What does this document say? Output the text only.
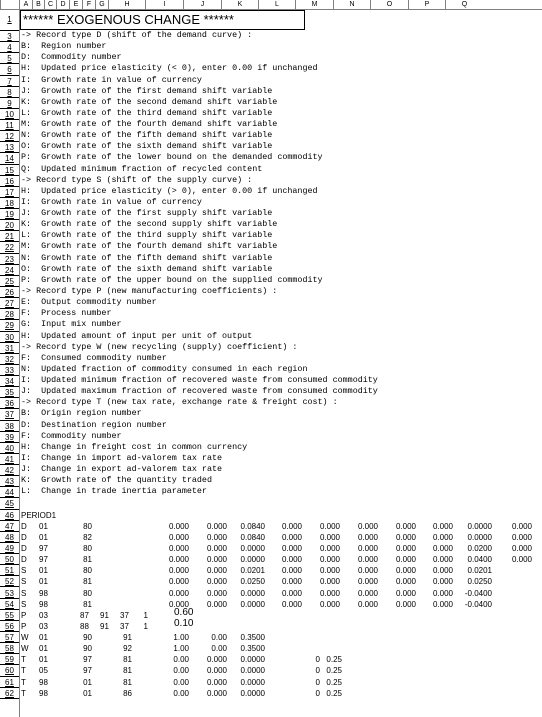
A	B	C	D	E	F	G	H	I	J	K	L	M	N	O	P	Q
1 ****** EXOGENOUS CHANGE ******
3	-> Record type D (shift of the demand curve) :
4	B:  Region number
5	D:  Commodity number
6	H:  Updated price elasticity (< 0), enter 0.00 if unchanged
7	I:  Growth rate in value of currency
8	J:  Growth rate of the first demand shift variable
9	K:  Growth rate of the second demand shift variable
10 L:  Growth rate of the third demand shift variable
11 M:  Growth rate of the fourth demand shift variable
12 N:  Growth rate of the fifth demand shift variable
13 O:  Growth rate of the sixth demand shift variable
14 P:  Growth rate of the lower bound on the demanded commodity
15 Q:  Updated minimum fraction of recycled content
16 -> Record type S (shift of the supply curve) :
17 H:  Updated price elasticity (> 0), enter 0.00 if unchanged
18 I:  Growth rate in value of currency
19 J:  Growth rate of the first supply shift variable
20 K:  Growth rate of the second supply shift variable
21 L:  Growth rate of the third supply shift variable
22 M:  Growth rate of the fourth demand shift variable
23 N:  Growth rate of the fifth demand shift variable
24 O:  Growth rate of the sixth demand shift variable
25 P:  Growth rate of the upper bound on the supplied commodity
26 -> Record type P (new manufacturing coefficients) :
27 E:  Output commodity number
28 F:  Process number
29 G:  Input mix number
30 H:  Updated amount of input per unit of output
31 -> Record type W (new recycling (supply) coefficient) :
32 F:  Consumed commodity number
33 N:  Updated fraction of commodity consumed in each region
34 I:  Updated minimum fraction of recovered waste from consumed commodity
35 J:  Updated maximum fraction of recovered waste from consumed commodity
36 -> Record type T (new tax rate, exchange rate & freight cost) :
37 B:  Origin region number
38 D:  Destination region number
39 F:  Commodity number
40 H:  Change in freight cost in common currency
41 I:  Change in import ad-valorem tax rate
42 J:  Change in export ad-valorem tax rate
43 K:  Growth rate of the quantity traded
44 L:  Change in trade inertia parameter
45
46 PERIOD1
47 D 01	80	0.000	0.000	0.0840	0.000	0.000	0.000	0.000	0.000	0.0000	0.000
48 D 01	82	0.000	0.000	0.0840	0.000	0.000	0.000	0.000	0.000	0.0000	0.000
49 D 97	80	0.000	0.000	0.0000	0.000	0.000	0.000	0.000	0.000	0.0200	0.000
50 D 97	81	0.000	0.000	0.0000	0.000	0.000	0.000	0.000	0.000	0.0400	0.000
51 S 01	80	0.000	0.000	0.0201	0.000	0.000	0.000	0.000	0.000	0.0201
52 S 01	81	0.000	0.000	0.0250	0.000	0.000	0.000	0.000	0.000	0.0250
53 S 98	80	0.000	0.000	0.0000	0.000	0.000	0.000	0.000	0.000	-0.0400
54 S 98	81	0.000	0.000	0.0000	0.000	0.000	0.000	0.000	0.000	-0.0400
55 P 03	87 91 37	1	0.60
56 P 03	88 91 37	1	0.10
57 W 01	90	91	1.00	0.00	0.3500
58 W 01	90	92	1.00	0.00	0.3500
59 T 01	97	81	0.00	0.000	0.0000	0 0.25
60 T 05	97	81	0.00	0.000	0.0000	0 0.25
61 T 98	01	81	0.00	0.000	0.0000	0 0.25
62 T 98	01	86	0.00	0.000	0.0000	0 0.25
